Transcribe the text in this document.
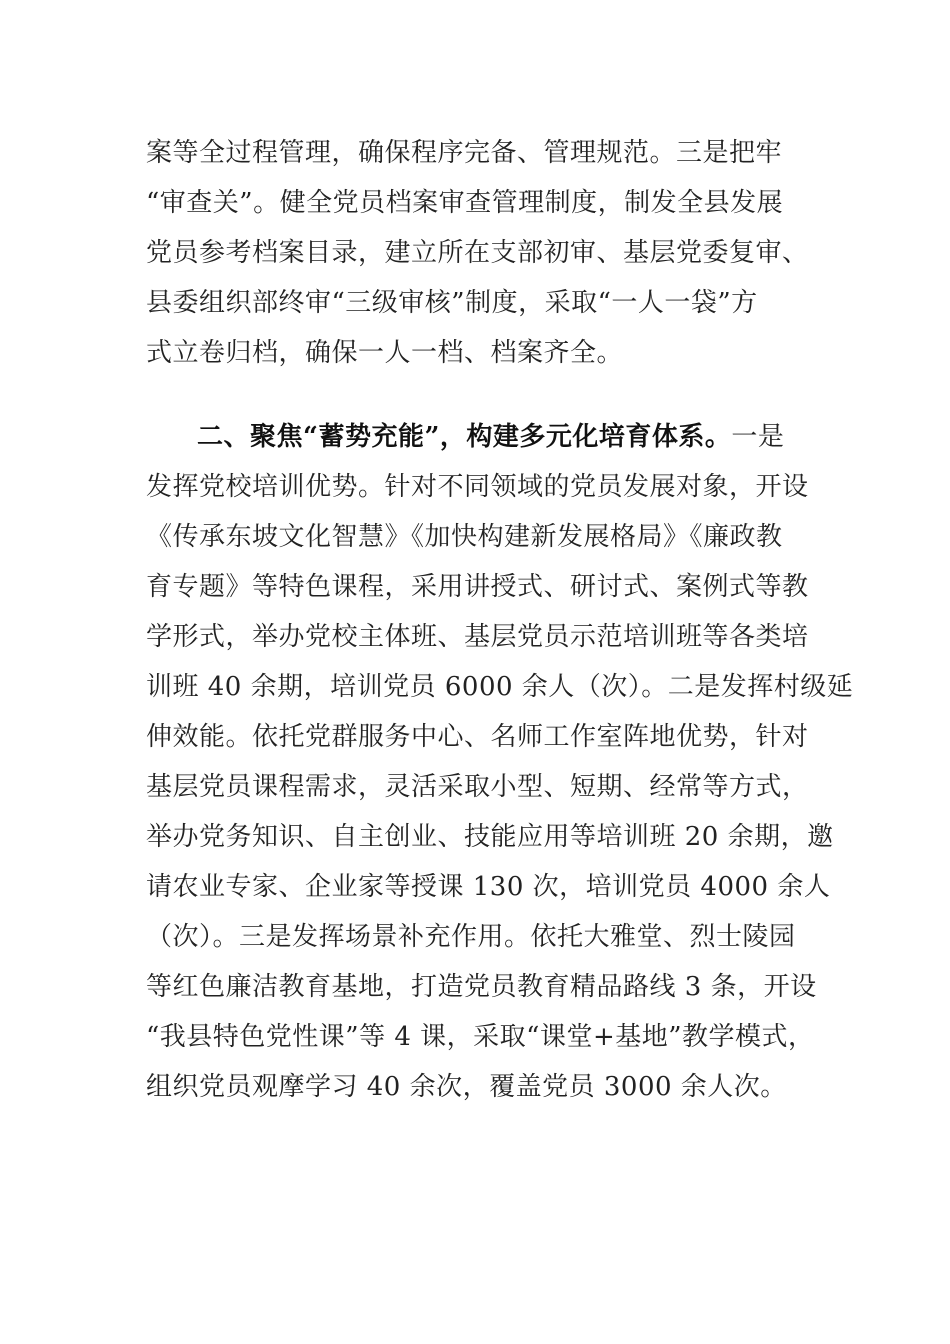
案等全过程管理，确保程序完备、管理规范。三是把牢
“审查关”。健全党员档案审查管理制度，制发全县发展
党员参考档案目录，建立所在支部初审、基层党委复审、
县委组织部终审“三级审核”制度，采取“一人一袋”方
式立卷归档，确保一人一档、档案齐全。
二、聚焦“蓄势充能”，构建多元化培育体系。一是
发挥党校培训优势。针对不同领域的党员发展对象，开设
《传承东坡文化智慧》《加快构建新发展格局》《廉政教
育专题》等特色课程，采用讲授式、研讨式、案例式等教
学形式，举办党校主体班、基层党员示范培训班等各类培
训班 40 余期，培训党员 6000 余人（次）。二是发挥村级延
伸效能。依托党群服务中心、名师工作室阵地优势，针对
基层党员课程需求，灵活采取小型、短期、经常等方式，
举办党务知识、自主创业、技能应用等培训班 20 余期，邀
请农业专家、企业家等授课 130 次，培训党员 4000 余人
（次）。三是发挥场景补充作用。依托大雅堂、烈士陵园
等红色廉洁教育基地，打造党员教育精品路线 3 条，开设
“我县特色党性课”等 4 课，采取“课堂+基地”教学模式，
组织党员观摩学习 40 余次，覆盖党员 3000 余人次。
